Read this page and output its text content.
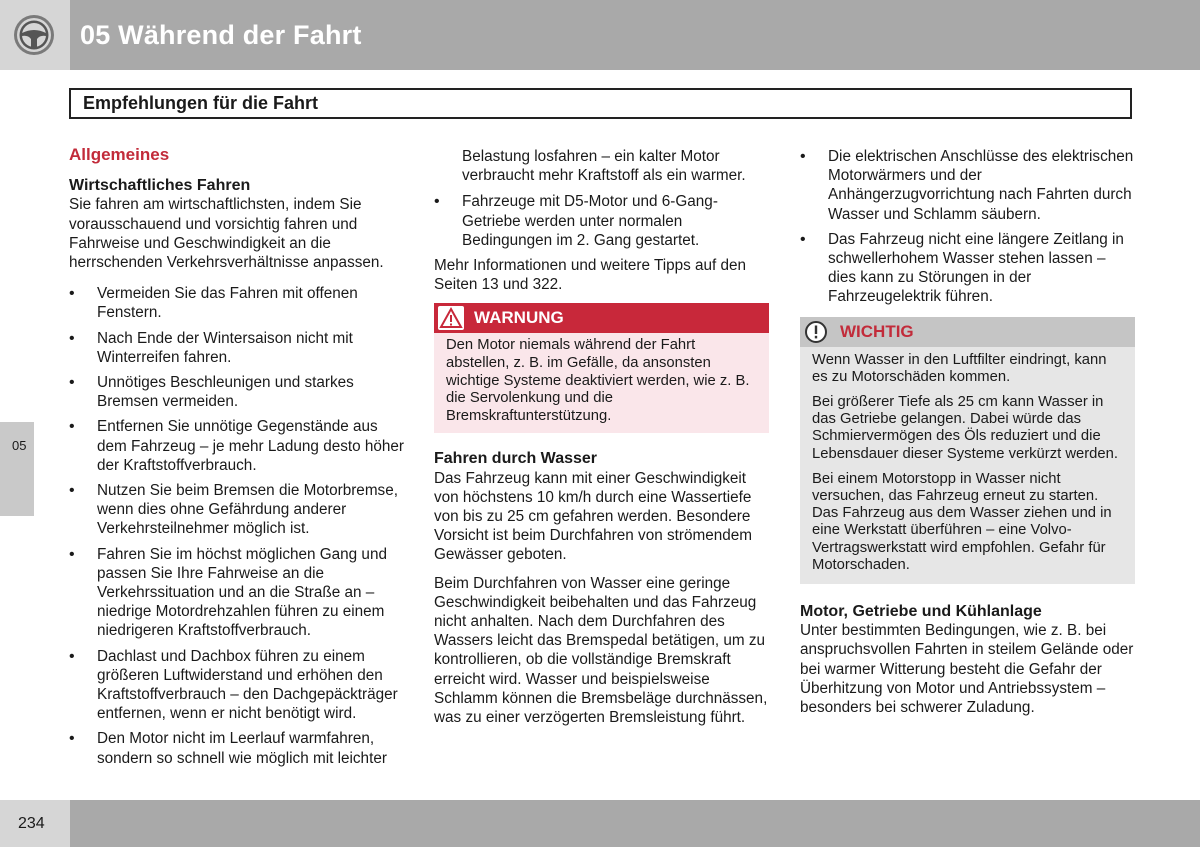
05 Während der Fahrt
Empfehlungen für die Fahrt
05
Allgemeines
Wirtschaftliches Fahren

Sie fahren am wirtschaftlichsten, indem Sie vorausschauend und vorsichtig fahren und Fahrweise und Geschwindigkeit an die herrschenden Verkehrsverhältnisse anpassen.

• Vermeiden Sie das Fahren mit offenen Fenstern.
• Nach Ende der Wintersaison nicht mit Winterreifen fahren.
• Unnötiges Beschleunigen und starkes Bremsen vermeiden.
• Entfernen Sie unnötige Gegenstände aus dem Fahrzeug – je mehr Ladung desto höher der Kraftstoffverbrauch.
• Nutzen Sie beim Bremsen die Motorbremse, wenn dies ohne Gefährdung anderer Verkehrsteilnehmer möglich ist.
• Fahren Sie im höchst möglichen Gang und passen Sie Ihre Fahrweise an die Verkehrssituation und an die Straße an – niedrige Motordrehzahlen führen zu einem niedrigeren Kraftstoffverbrauch.
• Dachlast und Dachbox führen zu einem größeren Luftwiderstand und erhöhen den Kraftstoffverbrauch – den Dachgepäckträger entfernen, wenn er nicht benötigt wird.
• Den Motor nicht im Leerlauf warmfahren, sondern so schnell wie möglich mit leichter
Belastung losfahren – ein kalter Motor verbraucht mehr Kraftstoff als ein warmer.
• Fahrzeuge mit D5-Motor und 6-Gang-Getriebe werden unter normalen Bedingungen im 2. Gang gestartet.

Mehr Informationen und weitere Tipps auf den Seiten 13 und 322.

WARNUNG
Den Motor niemals während der Fahrt abstellen, z. B. im Gefälle, da ansonsten wichtige Systeme deaktiviert werden, wie z. B. die Servolenkung und die Bremskraftunterstützung.
Fahren durch Wasser

Das Fahrzeug kann mit einer Geschwindigkeit von höchstens 10 km/h durch eine Wassertiefe von bis zu 25 cm gefahren werden. Besondere Vorsicht ist beim Durchfahren von strömendem Gewässer geboten.

Beim Durchfahren von Wasser eine geringe Geschwindigkeit beibehalten und das Fahrzeug nicht anhalten. Nach dem Durchfahren des Wassers leicht das Bremspedal betätigen, um zu kontrollieren, ob die vollständige Bremskraft erreicht wird. Wasser und beispielsweise Schlamm können die Bremsbeläge durchnässen, was zu einer verzögerten Bremsleistung führt.

• Die elektrischen Anschlüsse des elektrischen Motorwärmers und der Anhängerzugvorrichtung nach Fahrten durch Wasser und Schlamm säubern.
• Das Fahrzeug nicht eine längere Zeitlang in schwellerhohem Wasser stehen lassen – dies kann zu Störungen in der Fahrzeugelektrik führen.
WICHTIG

Wenn Wasser in den Luftfilter eindringt, kann es zu Motorschäden kommen.

Bei größerer Tiefe als 25 cm kann Wasser in das Getriebe gelangen. Dabei würde das Schmiervermögen des Öls reduziert und die Lebensdauer dieser Systeme verkürzt werden.

Bei einem Motorstopp in Wasser nicht versuchen, das Fahrzeug erneut zu starten. Das Fahrzeug aus dem Wasser ziehen und in eine Werkstatt überführen – eine Volvo-Vertragswerkstatt wird empfohlen. Gefahr für Motorschaden.

Motor, Getriebe und Kühlanlage

Unter bestimmten Bedingungen, wie z. B. bei anspruchsvollen Fahrten in steilem Gelände oder bei warmer Witterung besteht die Gefahr der Überhitzung von Motor und Antriebssystem – besonders bei schwerer Zuladung.

234
